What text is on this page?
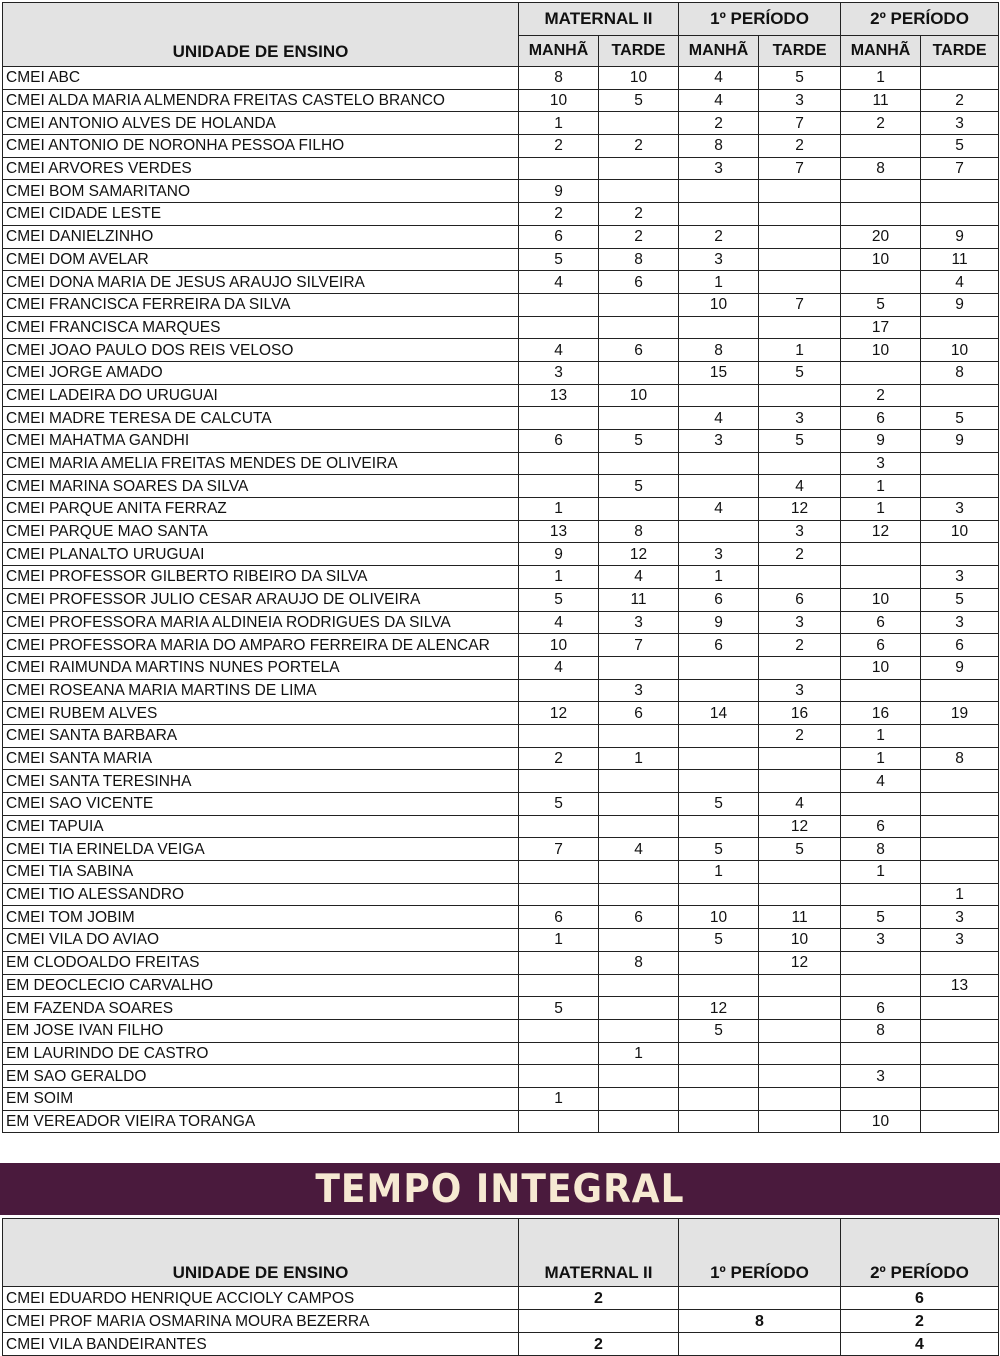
UNIDADE DE ENSINO	MATERNAL II		1º PERÍODO		2º PERÍODO	
	MANHÃ	TARDE	MANHÃ	TARDE	MANHÃ	TARDE
CMEI ABC	8	10	4	5	1	
CMEI ALDA MARIA ALMENDRA FREITAS CASTELO BRANCO	10	5	4	3	11	2
CMEI ANTONIO ALVES DE HOLANDA	1		2	7	2	3
CMEI ANTONIO DE NORONHA PESSOA FILHO	2	2	8	2		5
CMEI ARVORES VERDES			3	7	8	7
CMEI BOM SAMARITANO	9					
CMEI CIDADE LESTE	2	2				
CMEI DANIELZINHO	6	2	2		20	9
CMEI DOM AVELAR	5	8	3		10	11
CMEI DONA MARIA DE JESUS ARAUJO SILVEIRA	4	6	1			4
CMEI FRANCISCA FERREIRA DA SILVA			10	7	5	9
CMEI FRANCISCA MARQUES					17	
CMEI JOAO PAULO DOS REIS VELOSO	4	6	8	1	10	10
CMEI JORGE AMADO	3		15	5		8
CMEI LADEIRA DO URUGUAI	13	10			2	
CMEI MADRE TERESA DE CALCUTA			4	3	6	5
CMEI MAHATMA GANDHI	6	5	3	5	9	9
CMEI MARIA AMELIA FREITAS MENDES DE OLIVEIRA					3	
CMEI MARINA SOARES DA SILVA		5		4	1	
CMEI PARQUE ANITA FERRAZ	1		4	12	1	3
CMEI PARQUE MAO SANTA	13	8		3	12	10
CMEI PLANALTO URUGUAI	9	12	3	2		
CMEI PROFESSOR GILBERTO RIBEIRO DA SILVA	1	4	1			3
CMEI PROFESSOR JULIO CESAR ARAUJO DE OLIVEIRA	5	11	6	6	10	5
CMEI PROFESSORA MARIA ALDINEIA RODRIGUES DA SILVA	4	3	9	3	6	3
CMEI PROFESSORA MARIA DO AMPARO FERREIRA DE ALENCAR	10	7	6	2	6	6
CMEI RAIMUNDA MARTINS NUNES PORTELA	4				10	9
CMEI ROSEANA MARIA MARTINS DE LIMA		3		3		
CMEI RUBEM ALVES	12	6	14	16	16	19
CMEI SANTA BARBARA				2	1	
CMEI SANTA MARIA	2	1			1	8
CMEI SANTA TERESINHA					4	
CMEI SAO VICENTE	5		5	4		
CMEI TAPUIA				12	6	
CMEI TIA ERINELDA VEIGA	7	4	5	5	8	
CMEI TIA SABINA			1		1	
CMEI TIO ALESSANDRO						1
CMEI TOM JOBIM	6	6	10	11	5	3
CMEI VILA DO AVIAO	1		5	10	3	3
EM CLODOALDO FREITAS		8		12		
EM DEOCLECIO CARVALHO						13
EM FAZENDA SOARES	5		12		6	
EM JOSE IVAN FILHO			5		8	
EM LAURINDO DE CASTRO		1				
EM SAO GERALDO					3	
EM SOIM	1					
EM VEREADOR VIEIRA TORANGA					10	
TEMPO INTEGRAL
UNIDADE DE ENSINO	MATERNAL II	1º PERÍODO	2º PERÍODO
CMEI EDUARDO HENRIQUE ACCIOLY CAMPOS	2		6
CMEI PROF MARIA OSMARINA MOURA BEZERRA		8	2
CMEI VILA BANDEIRANTES	2		4
